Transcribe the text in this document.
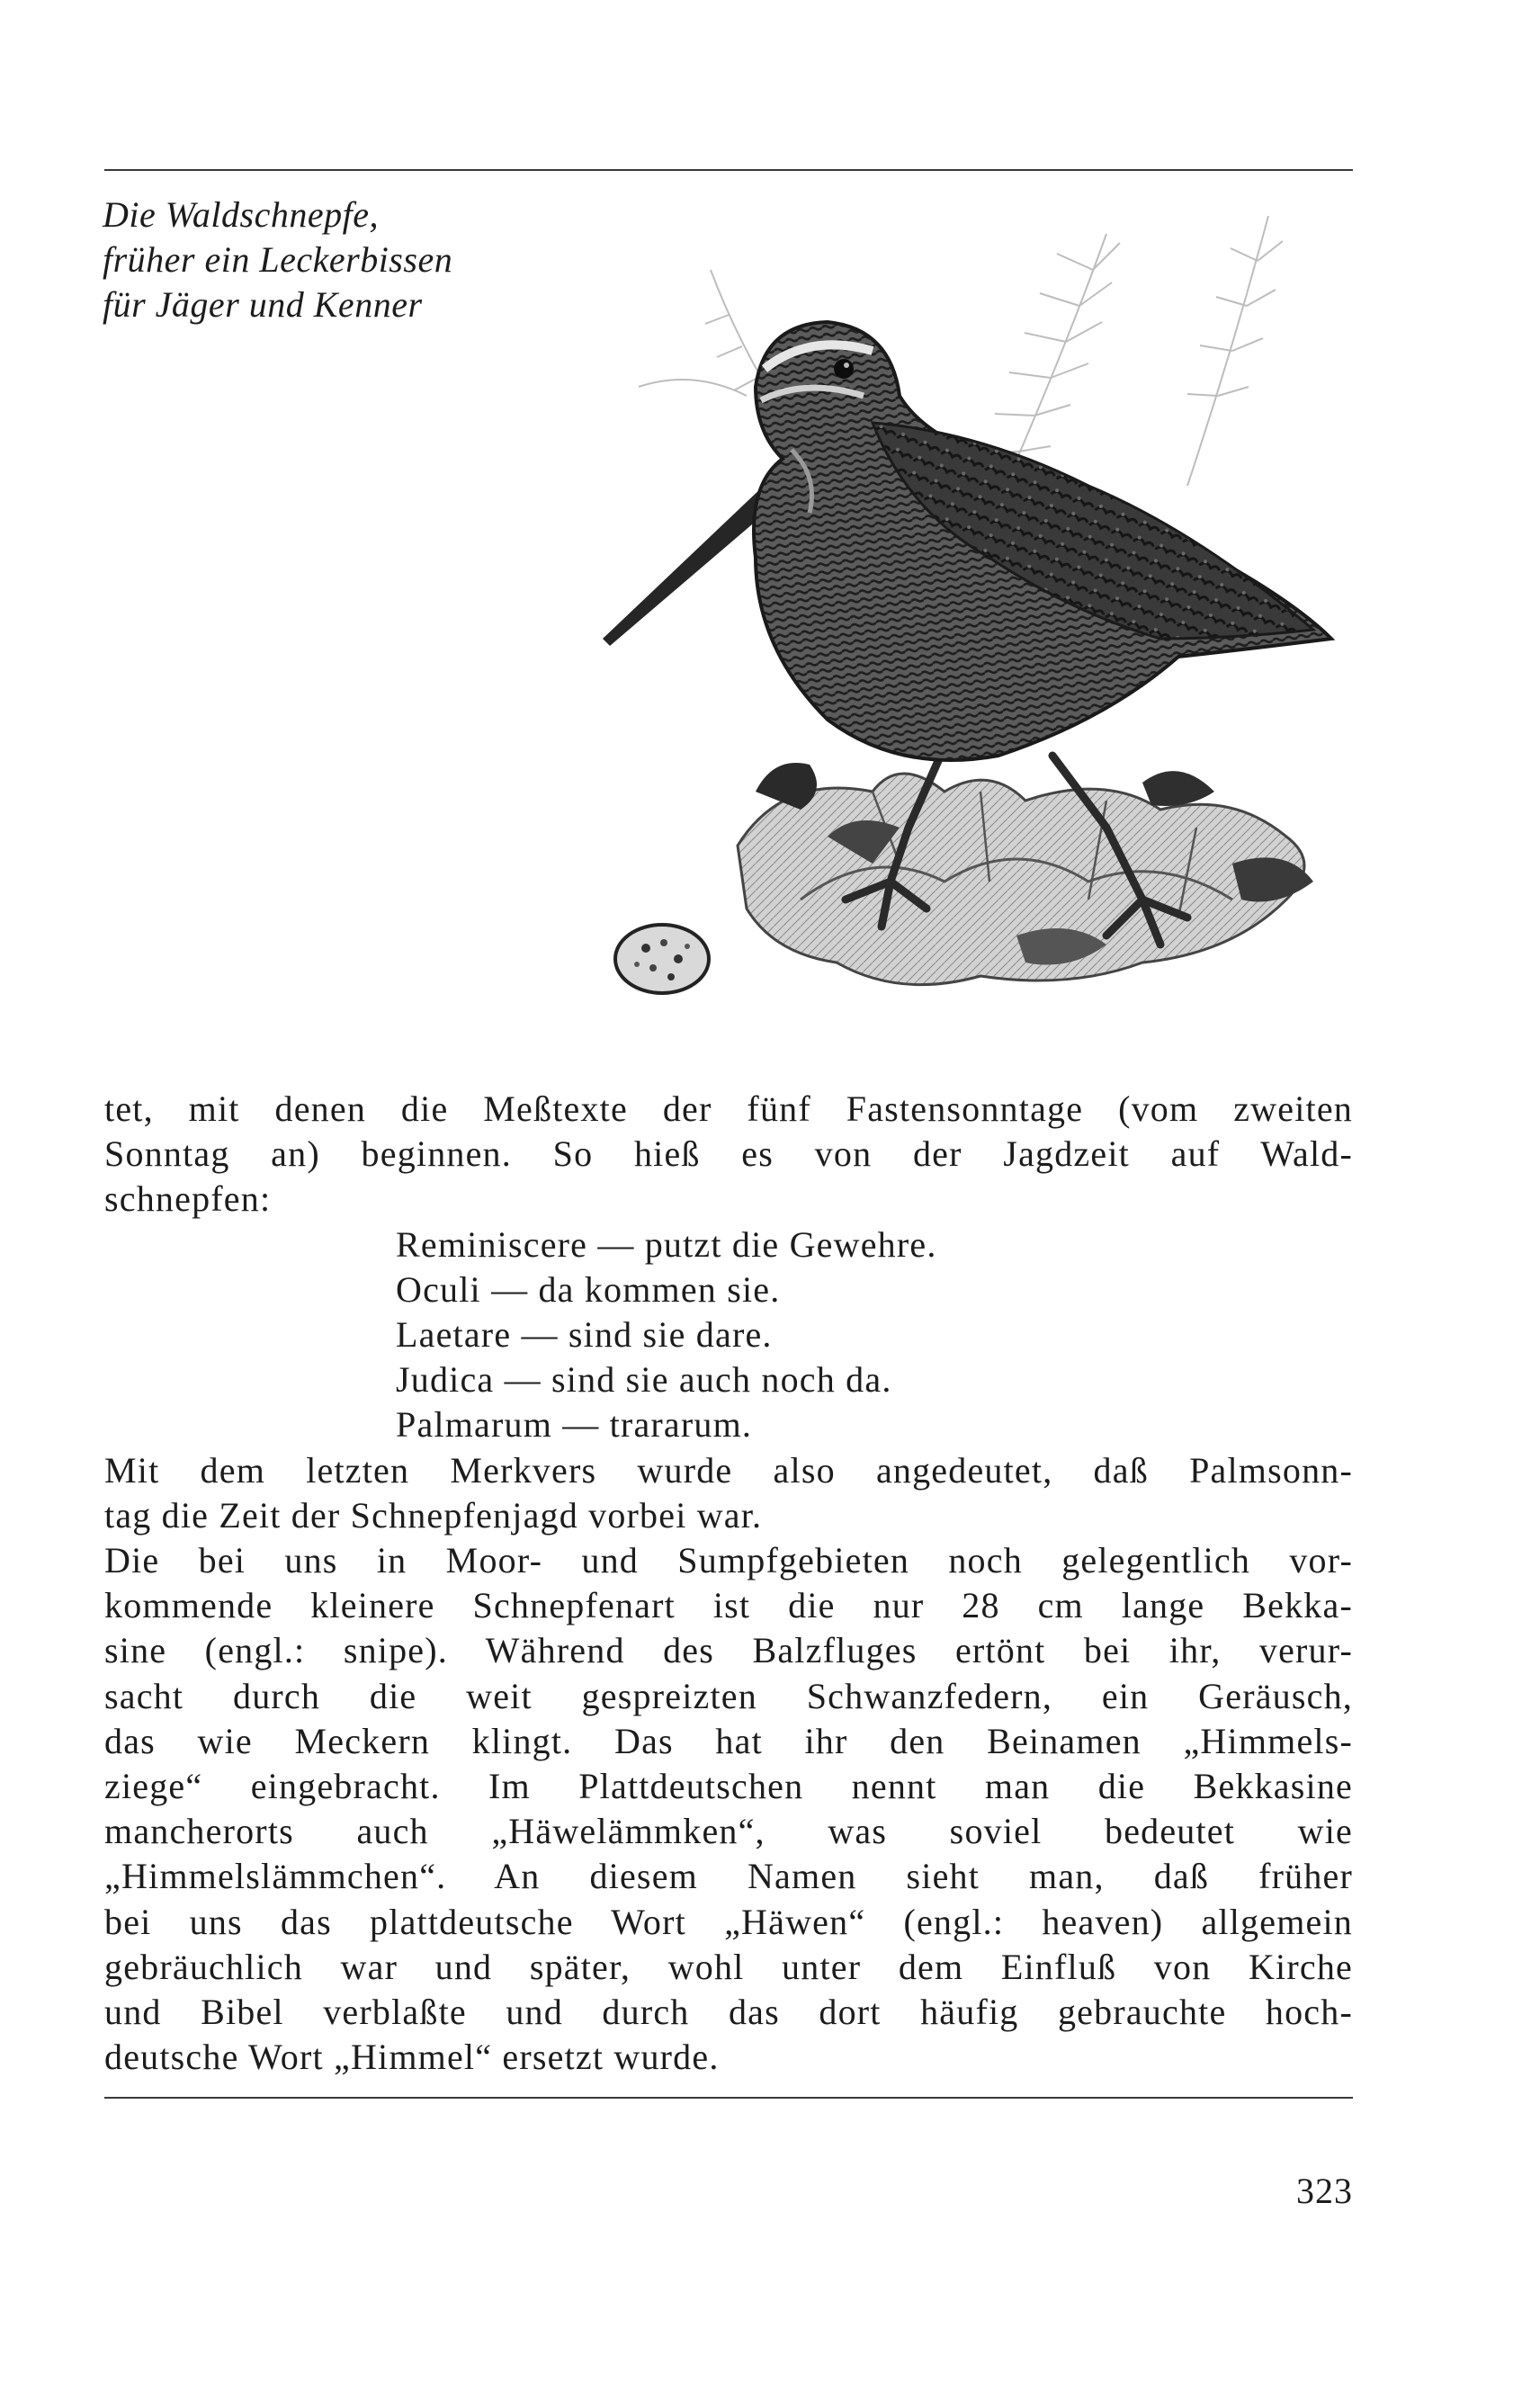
Die Waldschnepfe,
früher ein Leckerbissen
für Jäger und Kenner
tet, mit denen die Meßtexte der fünf Fastensonntage (vom zweiten
Sonntag an) beginnen. So hieß es von der Jagdzeit auf Wald-
schnepfen:
Reminiscere — putzt die Gewehre.
Oculi — da kommen sie.
Laetare — sind sie dare.
Judica — sind sie auch noch da.
Palmarum — trararum.
Mit dem letzten Merkvers wurde also angedeutet, daß Palmsonn-
tag die Zeit der Schnepfenjagd vorbei war.
Die bei uns in Moor- und Sumpfgebieten noch gelegentlich vor-
kommende kleinere Schnepfenart ist die nur 28 cm lange Bekka-
sine (engl.: snipe). Während des Balzfluges ertönt bei ihr, verur-
sacht durch die weit gespreizten Schwanzfedern, ein Geräusch,
das wie Meckern klingt. Das hat ihr den Beinamen „Himmels-
ziege“ eingebracht. Im Plattdeutschen nennt man die Bekkasine
mancherorts auch „Häwelämmken“, was soviel bedeutet wie
„Himmelslämmchen“. An diesem Namen sieht man, daß früher
bei uns das plattdeutsche Wort „Häwen“ (engl.: heaven) allgemein
gebräuchlich war und später, wohl unter dem Einfluß von Kirche
und Bibel verblaßte und durch das dort häufig gebrauchte hoch-
deutsche Wort „Himmel“ ersetzt wurde.
323
